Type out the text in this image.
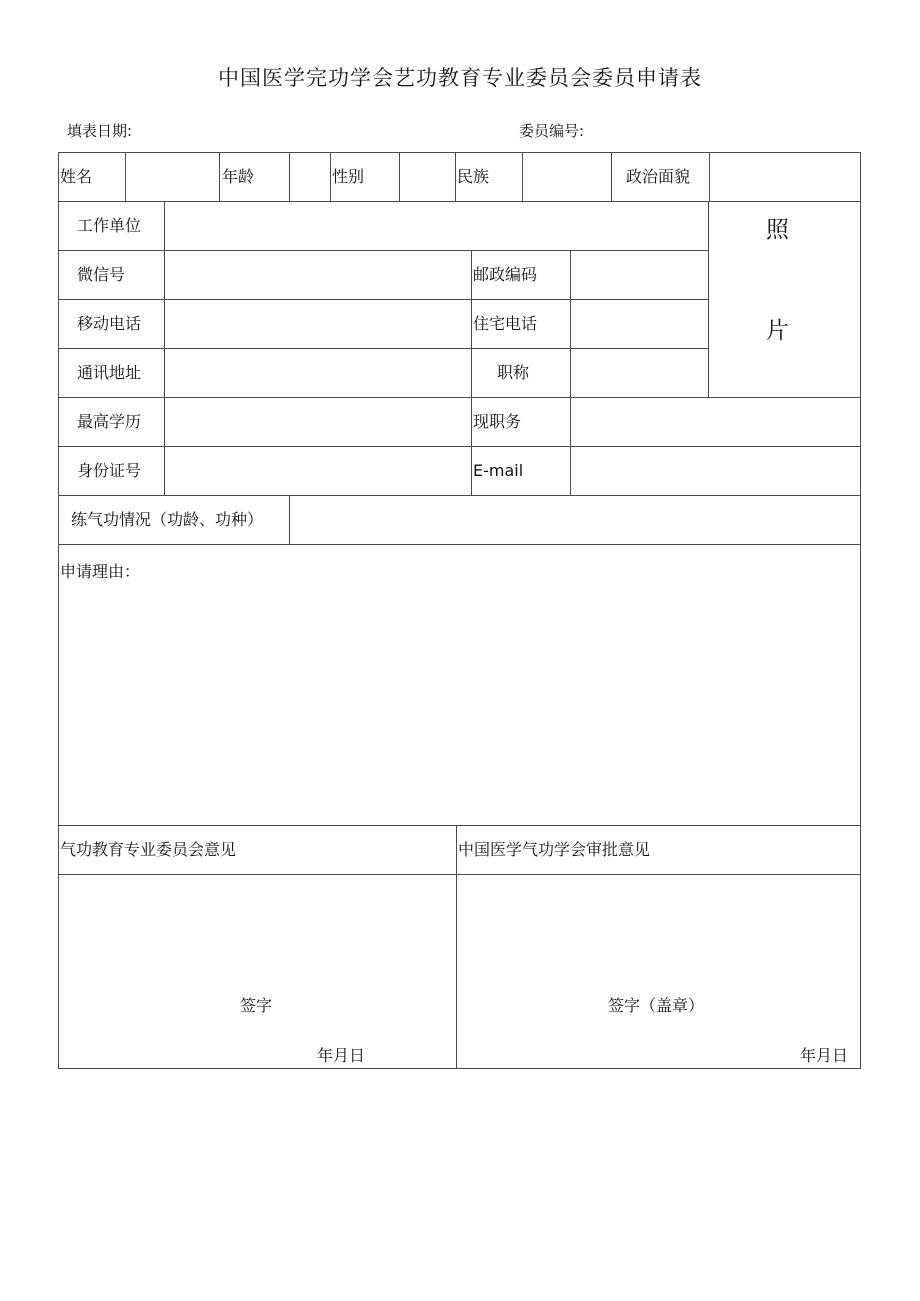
中国医学完功学会艺功教育专业委员会委员申请表
填表日期:	委员编号:
姓名	年龄	性别	民族	政治面貌
工作单位
微信号	邮政编码
移动电话	住宅电话
通讯地址	职称
照
片
最高学历	现职务
身份证号	E-mail
练气功情况（功龄、功种）
申请理由：
气功教育专业委员会意见	中国医学气功学会审批意见
签字	签字（盖章）
年月日	年月日
